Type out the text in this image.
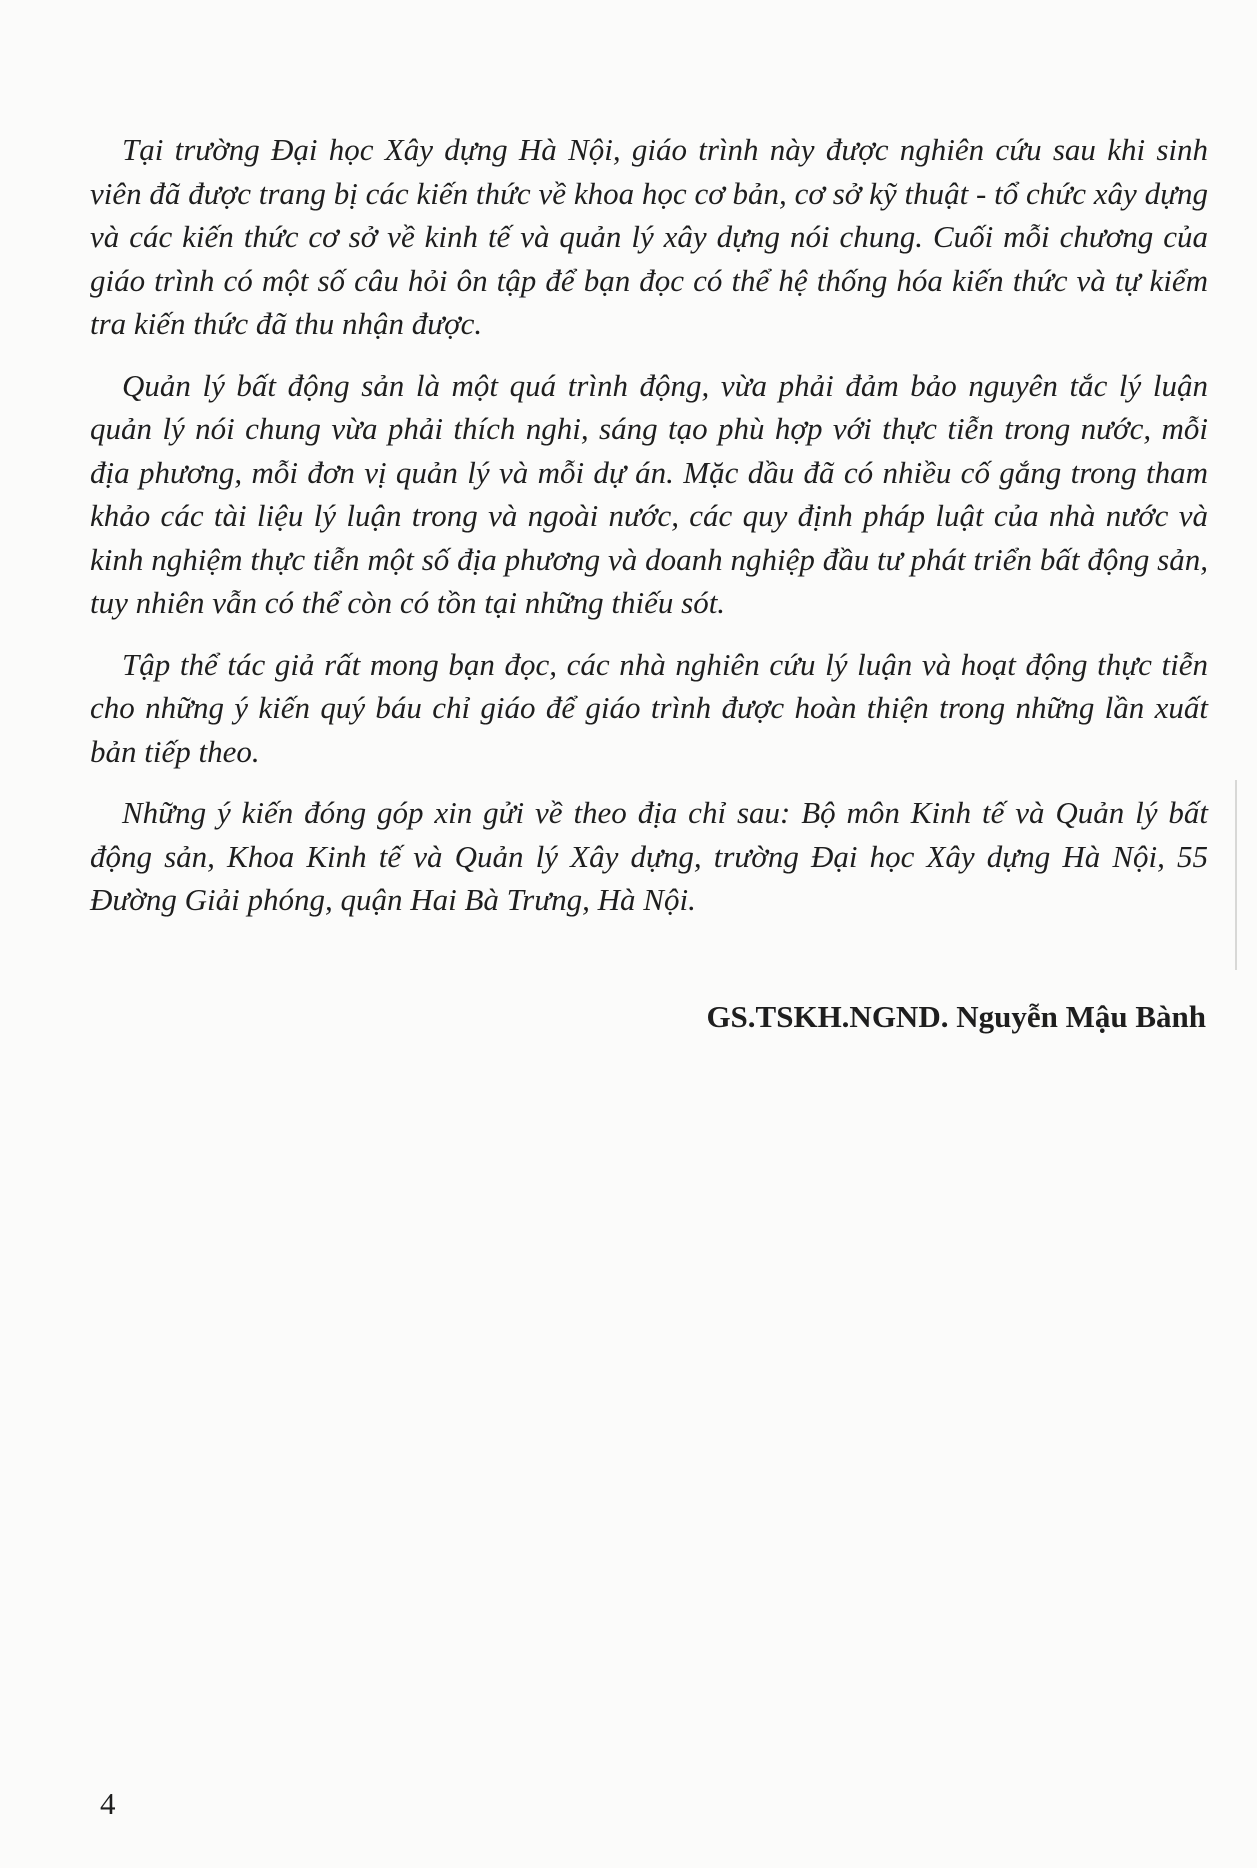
Tại trường Đại học Xây dựng Hà Nội, giáo trình này được nghiên cứu sau khi sinh viên đã được trang bị các kiến thức về khoa học cơ bản, cơ sở kỹ thuật - tổ chức xây dựng và các kiến thức cơ sở về kinh tế và quản lý xây dựng nói chung. Cuối mỗi chương của giáo trình có một số câu hỏi ôn tập để bạn đọc có thể hệ thống hóa kiến thức và tự kiểm tra kiến thức đã thu nhận được.

Quản lý bất động sản là một quá trình động, vừa phải đảm bảo nguyên tắc lý luận quản lý nói chung vừa phải thích nghi, sáng tạo phù hợp với thực tiễn trong nước, mỗi địa phương, mỗi đơn vị quản lý và mỗi dự án. Mặc dầu đã có nhiều cố gắng trong tham khảo các tài liệu lý luận trong và ngoài nước, các quy định pháp luật của nhà nước và kinh nghiệm thực tiễn một số địa phương và doanh nghiệp đầu tư phát triển bất động sản, tuy nhiên vẫn có thể còn có tồn tại những thiếu sót.

Tập thể tác giả rất mong bạn đọc, các nhà nghiên cứu lý luận và hoạt động thực tiễn cho những ý kiến quý báu chỉ giáo để giáo trình được hoàn thiện trong những lần xuất bản tiếp theo.

Những ý kiến đóng góp xin gửi về theo địa chỉ sau: Bộ môn Kinh tế và Quản lý bất động sản, Khoa Kinh tế và Quản lý Xây dựng, trường Đại học Xây dựng Hà Nội, 55 Đường Giải phóng, quận Hai Bà Trưng, Hà Nội.

GS.TSKH.NGND. Nguyễn Mậu Bành
4
